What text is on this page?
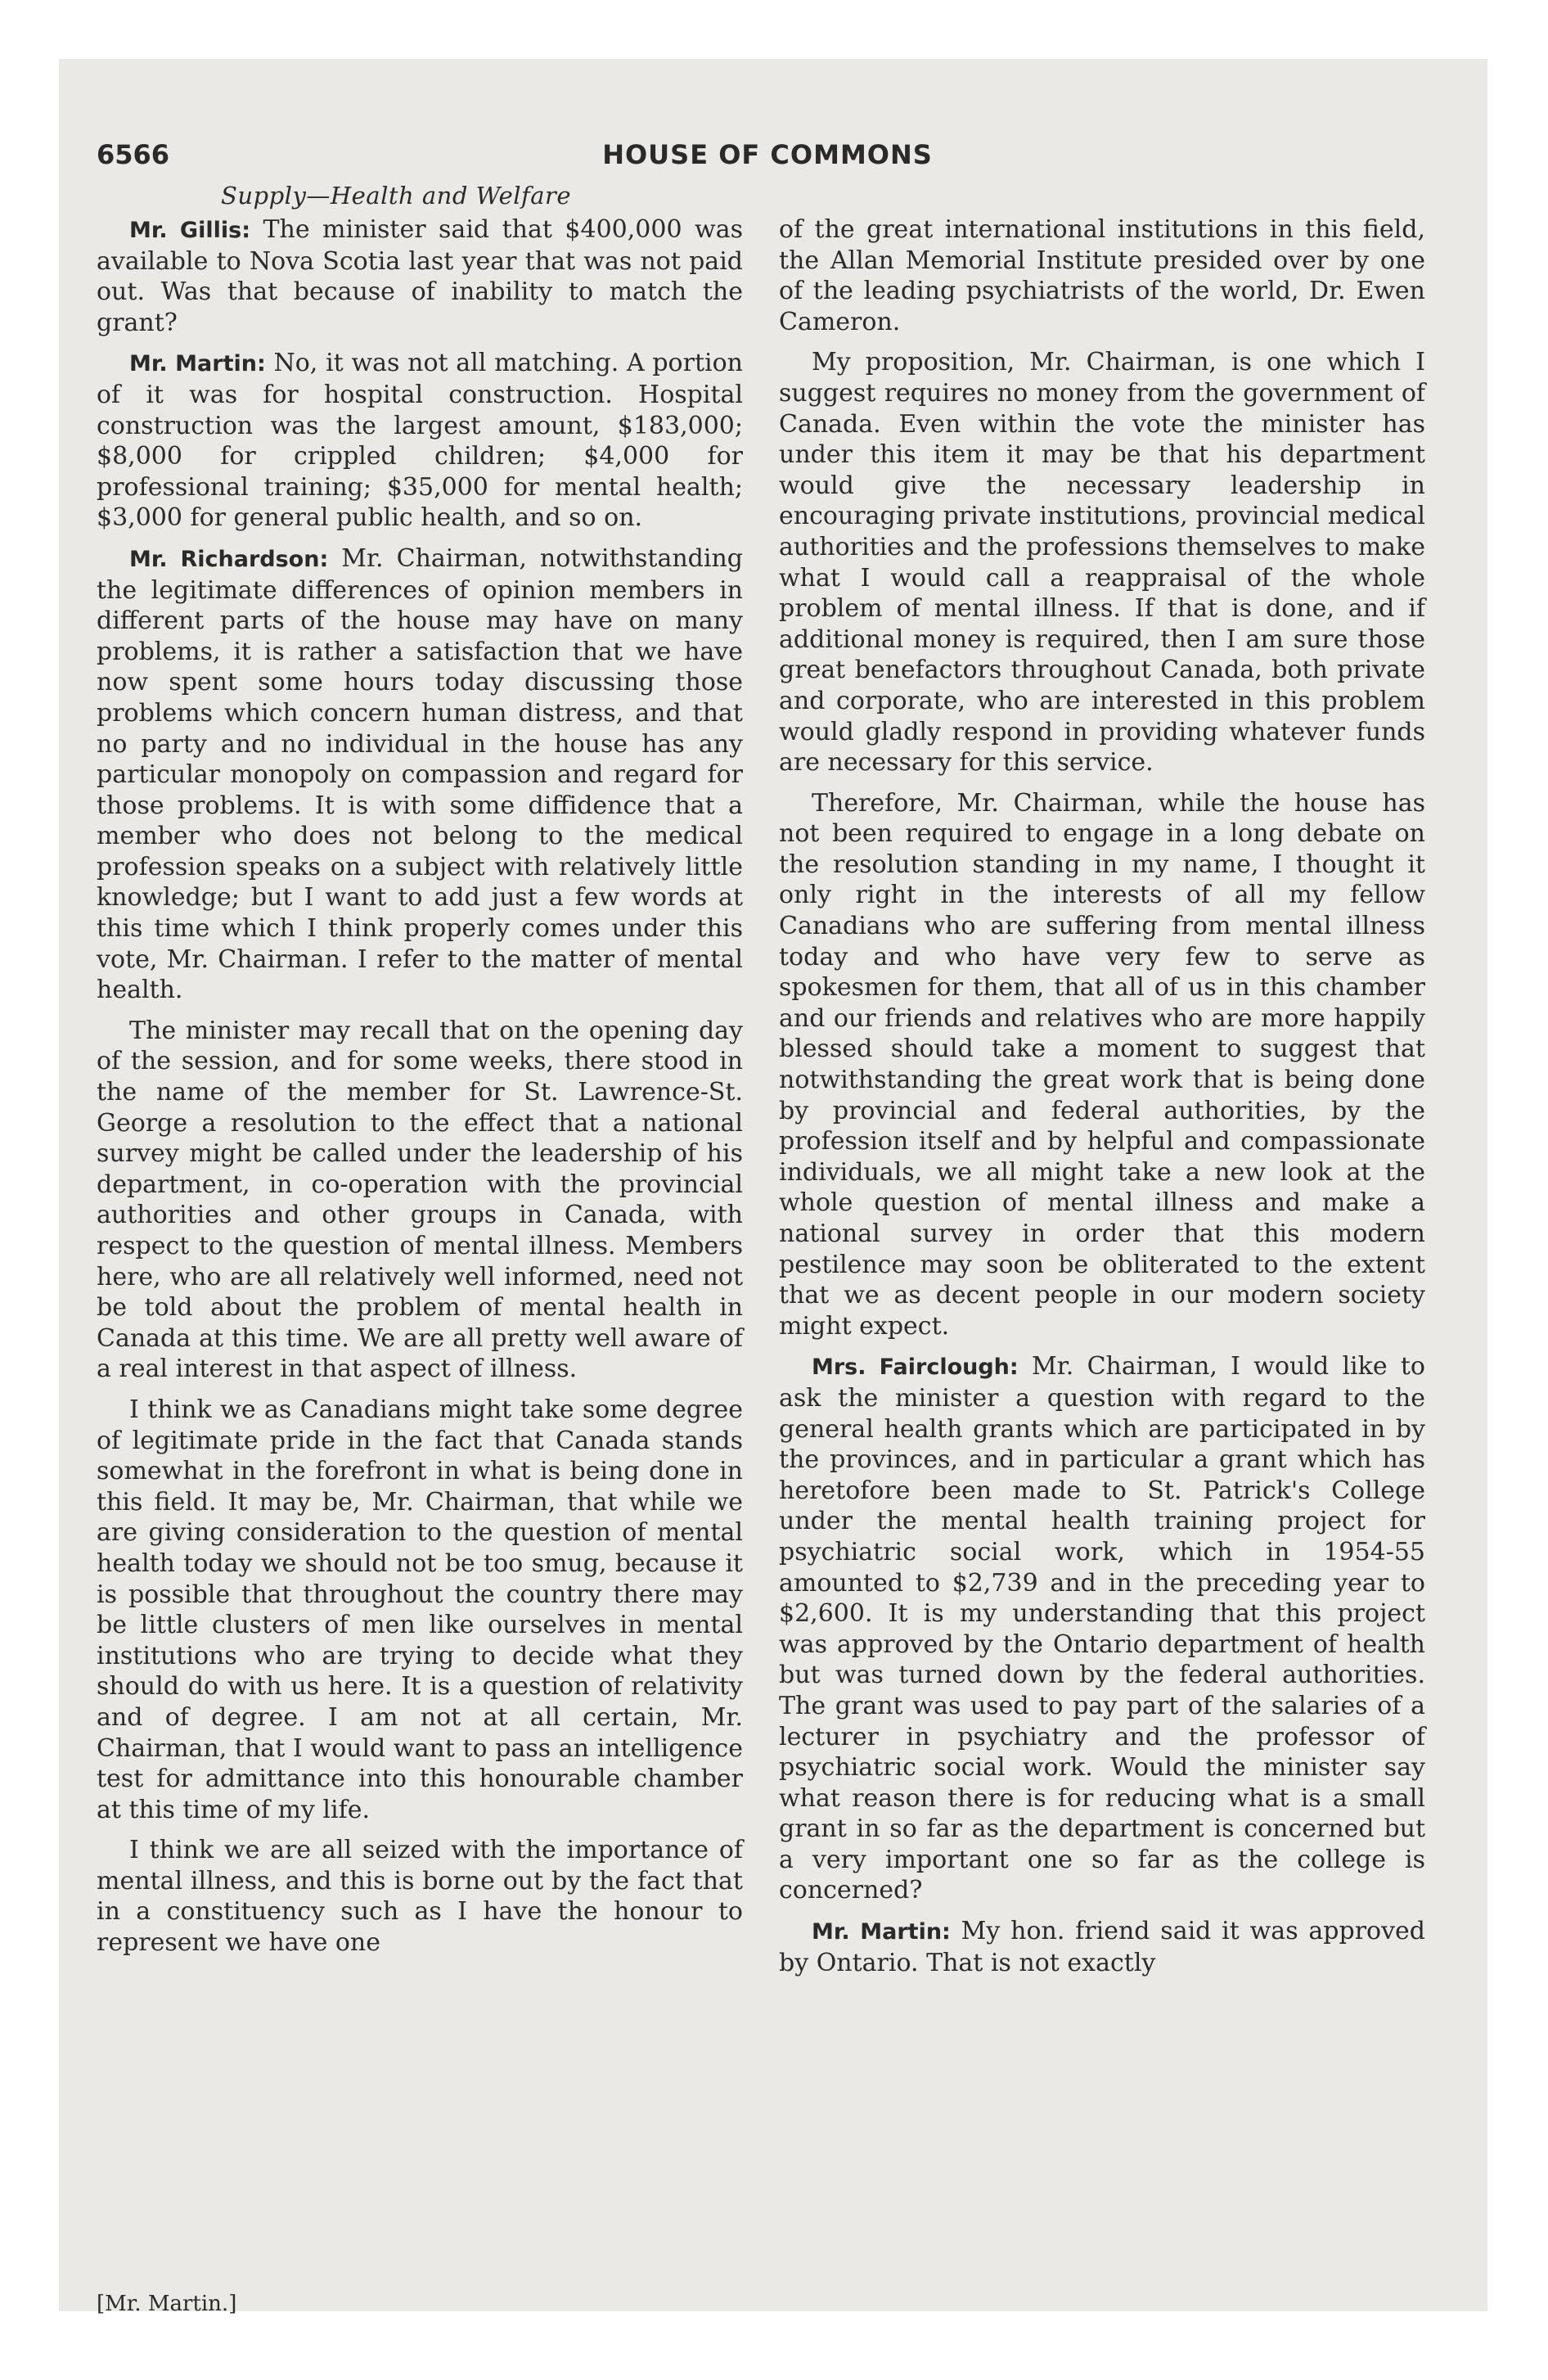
6566	HOUSE OF COMMONS
Supply—Health and Welfare

Mr. Gillis: The minister said that $400,000 was available to Nova Scotia last year that was not paid out. Was that because of inability to match the grant?

Mr. Martin: No, it was not all matching. A portion of it was for hospital construction. Hospital construction was the largest amount, $183,000; $8,000 for crippled children; $4,000 for professional training; $35,000 for mental health; $3,000 for general public health, and so on.

Mr. Richardson: Mr. Chairman, notwithstanding the legitimate differences of opinion members in different parts of the house may have on many problems, it is rather a satisfaction that we have now spent some hours today discussing those problems which concern human distress, and that no party and no individual in the house has any particular monopoly on compassion and regard for those problems. It is with some diffidence that a member who does not belong to the medical profession speaks on a subject with relatively little knowledge; but I want to add just a few words at this time which I think properly comes under this vote, Mr. Chairman. I refer to the matter of mental health.

The minister may recall that on the opening day of the session, and for some weeks, there stood in the name of the member for St. Lawrence-St. George a resolution to the effect that a national survey might be called under the leadership of his department, in co-operation with the provincial authorities and other groups in Canada, with respect to the question of mental illness. Members here, who are all relatively well informed, need not be told about the problem of mental health in Canada at this time. We are all pretty well aware of a real interest in that aspect of illness.

I think we as Canadians might take some degree of legitimate pride in the fact that Canada stands somewhat in the forefront in what is being done in this field. It may be, Mr. Chairman, that while we are giving consideration to the question of mental health today we should not be too smug, because it is possible that throughout the country there may be little clusters of men like ourselves in mental institutions who are trying to decide what they should do with us here. It is a question of relativity and of degree. I am not at all certain, Mr. Chairman, that I would want to pass an intelligence test for admittance into this honourable chamber at this time of my life.

I think we are all seized with the importance of mental illness, and this is borne out by the fact that in a constituency such as I have the honour to represent we have one

of the great international institutions in this field, the Allan Memorial Institute presided over by one of the leading psychiatrists of the world, Dr. Ewen Cameron.

My proposition, Mr. Chairman, is one which I suggest requires no money from the government of Canada. Even within the vote the minister has under this item it may be that his department would give the necessary leadership in encouraging private institutions, provincial medical authorities and the professions themselves to make what I would call a reappraisal of the whole problem of mental illness. If that is done, and if additional money is required, then I am sure those great benefactors throughout Canada, both private and corporate, who are interested in this problem would gladly respond in providing whatever funds are necessary for this service.

Therefore, Mr. Chairman, while the house has not been required to engage in a long debate on the resolution standing in my name, I thought it only right in the interests of all my fellow Canadians who are suffering from mental illness today and who have very few to serve as spokesmen for them, that all of us in this chamber and our friends and relatives who are more happily blessed should take a moment to suggest that notwithstanding the great work that is being done by provincial and federal authorities, by the profession itself and by helpful and compassionate individuals, we all might take a new look at the whole question of mental illness and make a national survey in order that this modern pestilence may soon be obliterated to the extent that we as decent people in our modern society might expect.

Mrs. Fairclough: Mr. Chairman, I would like to ask the minister a question with regard to the general health grants which are participated in by the provinces, and in particular a grant which has heretofore been made to St. Patrick's College under the mental health training project for psychiatric social work, which in 1954-55 amounted to $2,739 and in the preceding year to $2,600. It is my understanding that this project was approved by the Ontario department of health but was turned down by the federal authorities. The grant was used to pay part of the salaries of a lecturer in psychiatry and the professor of psychiatric social work. Would the minister say what reason there is for reducing what is a small grant in so far as the department is concerned but a very important one so far as the college is concerned?

Mr. Martin: My hon. friend said it was approved by Ontario. That is not exactly

[Mr. Martin.]
